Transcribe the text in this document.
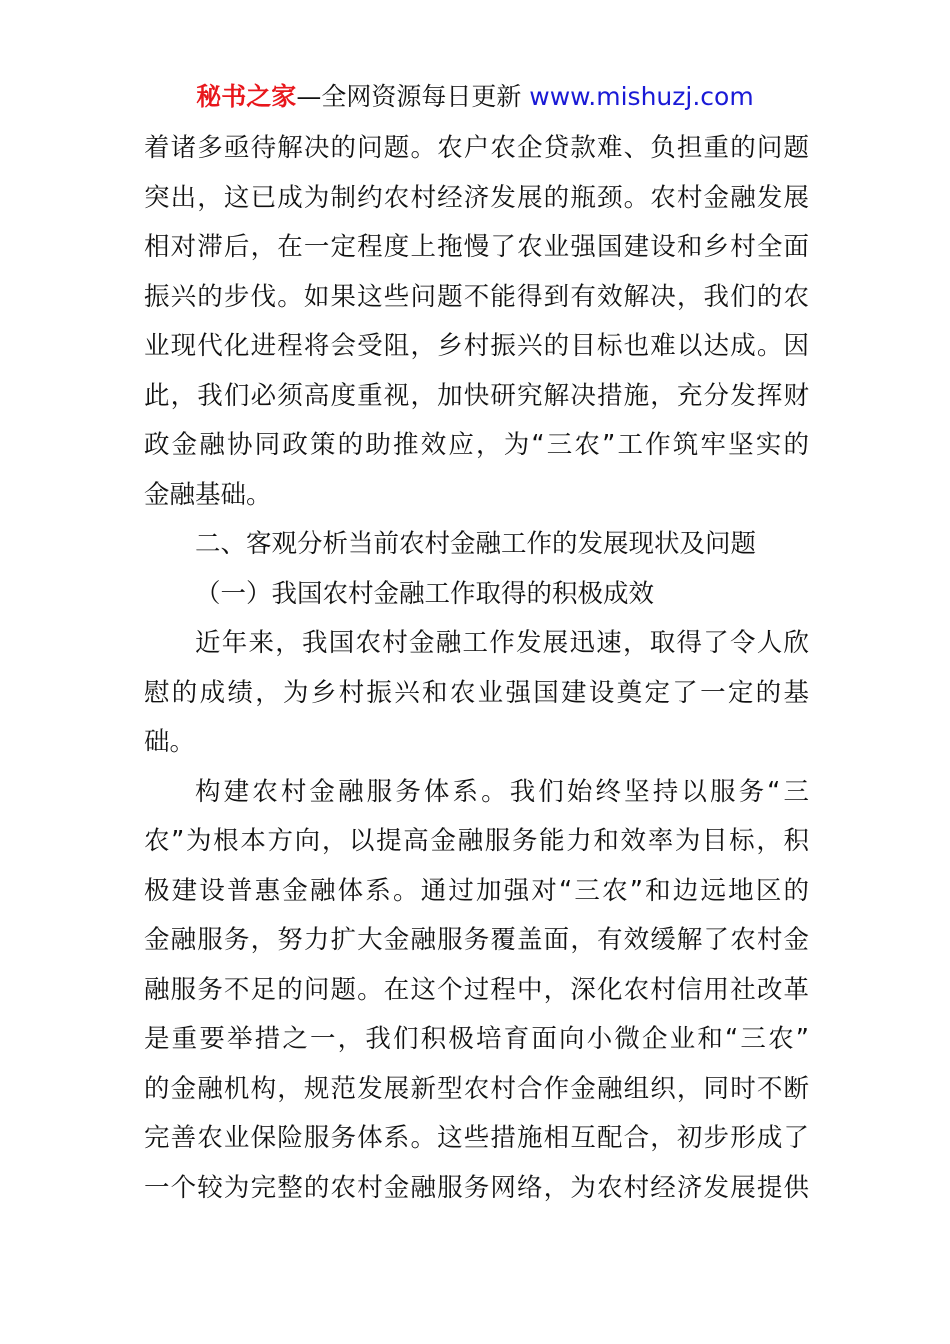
秘书之家—全网资源每日更新 www.mishuzj.com
着诸多亟待解决的问题。农户农企贷款难、负担重的问题
突出，这已成为制约农村经济发展的瓶颈。农村金融发展
相对滞后，在一定程度上拖慢了农业强国建设和乡村全面
振兴的步伐。如果这些问题不能得到有效解决，我们的农
业现代化进程将会受阻，乡村振兴的目标也难以达成。因
此，我们必须高度重视，加快研究解决措施，充分发挥财
政金融协同政策的助推效应，为“三农”工作筑牢坚实的
金融基础。
二、客观分析当前农村金融工作的发展现状及问题
（一）我国农村金融工作取得的积极成效
近年来，我国农村金融工作发展迅速，取得了令人欣
慰的成绩，为乡村振兴和农业强国建设奠定了一定的基
础。
构建农村金融服务体系。我们始终坚持以服务“三
农”为根本方向，以提高金融服务能力和效率为目标，积
极建设普惠金融体系。通过加强对“三农”和边远地区的
金融服务，努力扩大金融服务覆盖面，有效缓解了农村金
融服务不足的问题。在这个过程中，深化农村信用社改革
是重要举措之一，我们积极培育面向小微企业和“三农”
的金融机构，规范发展新型农村合作金融组织，同时不断
完善农业保险服务体系。这些措施相互配合，初步形成了
一个较为完整的农村金融服务网络，为农村经济发展提供
